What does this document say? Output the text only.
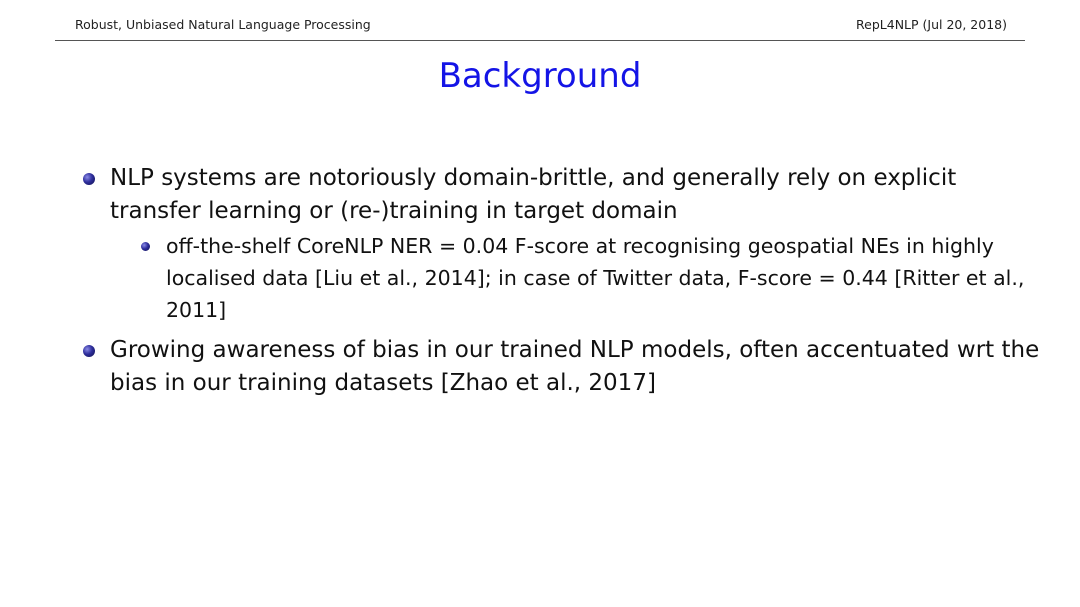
Robust, Unbiased Natural Language Processing	RepL4NLP (Jul 20, 2018)
Background
NLP systems are notoriously domain-brittle, and generally rely on explicit transfer learning or (re-)training in target domain
off-the-shelf CoreNLP NER = 0.04 F-score at recognising geospatial NEs in highly localised data [Liu et al., 2014]; in case of Twitter data, F-score = 0.44 [Ritter et al., 2011]
Growing awareness of bias in our trained NLP models, often accentuated wrt the bias in our training datasets [Zhao et al., 2017]
